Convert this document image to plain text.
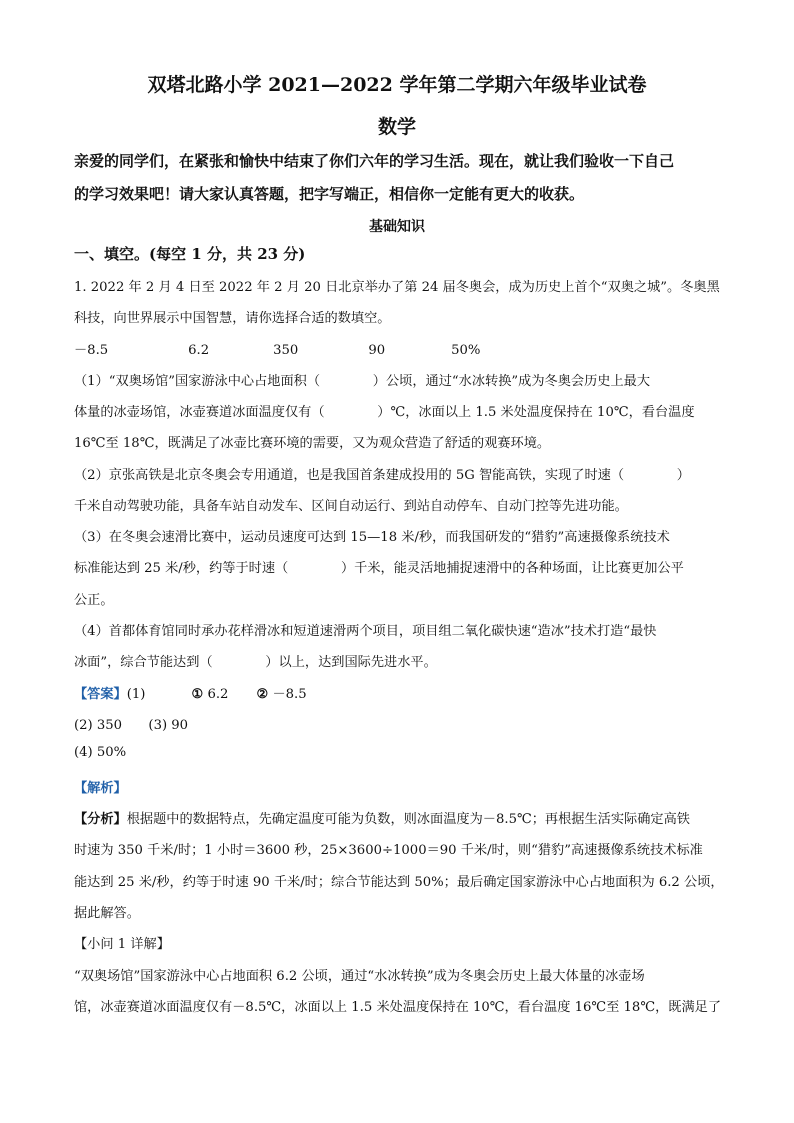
双塔北路小学 2021—2022 学年第二学期六年级毕业试卷
数学
亲爱的同学们，在紧张和愉快中结束了你们六年的学习生活。现在，就让我们验收一下自己
的学习效果吧！请大家认真答题，把字写端正，相信你一定能有更大的收获。
基础知识
一、填空。(每空 1 分，共 23 分)
1. 2022 年 2 月 4 日至 2022 年 2 月 20 日北京举办了第 24 届冬奥会，成为历史上首个“双奥之城”。冬奥黑
科技，向世界展示中国智慧，请你选择合适的数填空。
－8.5	6.2	350	90	50%
（1）“双奥场馆”国家游泳中心占地面积（　　　　）公顷，通过“水冰转换”成为冬奥会历史上最大
体量的冰壶场馆，冰壶赛道冰面温度仅有（　　　　）℃，冰面以上 1.5 米处温度保持在 10℃，看台温度
16℃至 18℃，既满足了冰壶比赛环境的需要，又为观众营造了舒适的观赛环境。
（2）京张高铁是北京冬奥会专用通道，也是我国首条建成投用的 5G 智能高铁，实现了时速（　　　　）
千米自动驾驶功能，具备车站自动发车、区间自动运行、到站自动停车、自动门控等先进功能。
（3）在冬奥会速滑比赛中，运动员速度可达到 15—18 米/秒，而我国研发的“猎豹”高速摄像系统技术
标准能达到 25 米/秒，约等于时速（　　　　）千米，能灵活地捕捉速滑中的各种场面，让比赛更加公平
公正。
（4）首都体育馆同时承办花样滑冰和短道速滑两个项目，项目组二氧化碳快速“造冰”技术打造“最快
冰面”，综合节能达到（　　　　）以上，达到国际先进水平。
【答案】(1)	① 6.2 ② －8.5
(2) 350　　(3) 90
(4) 50%
【解析】
【分析】根据题中的数据特点，先确定温度可能为负数，则冰面温度为－8.5℃；再根据生活实际确定高铁
时速为 350 千米/时；1 小时＝3600 秒，25×3600÷1000＝90 千米/时，则“猎豹”高速摄像系统技术标准
能达到 25 米/秒，约等于时速 90 千米/时；综合节能达到 50%；最后确定国家游泳中心占地面积为 6.2 公顷，
据此解答。
【小问 1 详解】
“双奥场馆”国家游泳中心占地面积 6.2 公顷，通过“水冰转换”成为冬奥会历史上最大体量的冰壶场
馆，冰壶赛道冰面温度仅有－8.5℃，冰面以上 1.5 米处温度保持在 10℃，看台温度 16℃至 18℃，既满足了
